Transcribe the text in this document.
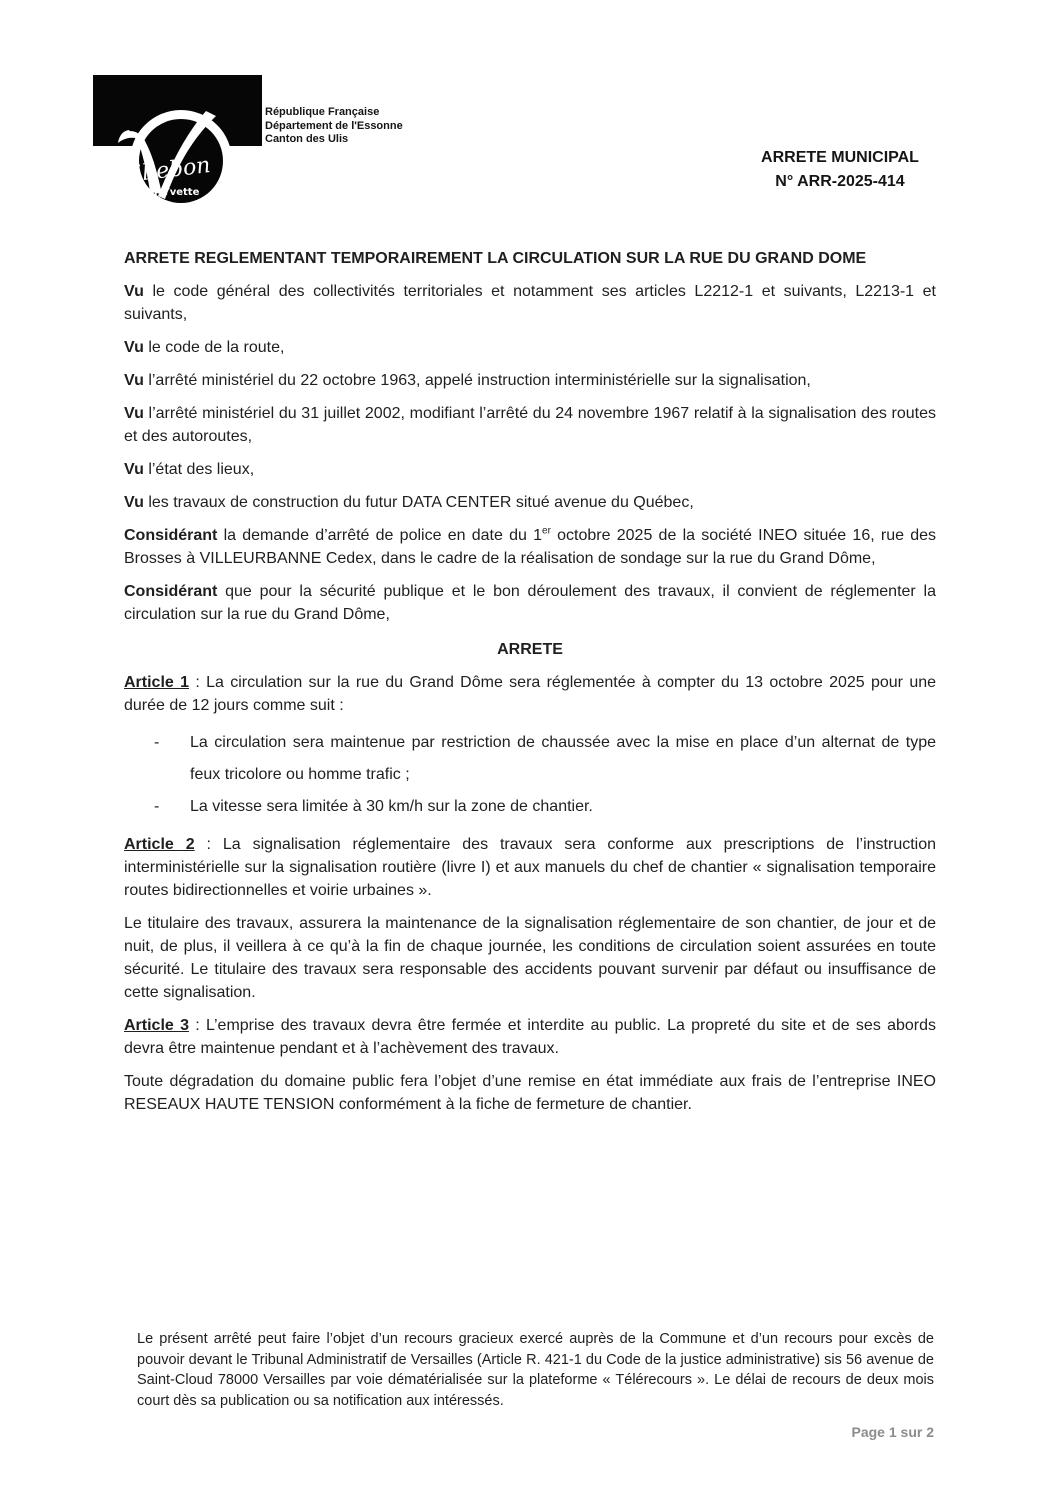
illebon
sur Yvette
République Française
Département de l'Essonne
Canton des Ulis
ARRETE MUNICIPAL
N° ARR-2025-414

ARRETE REGLEMENTANT TEMPORAIREMENT LA CIRCULATION SUR LA RUE DU GRAND DOME

Vu le code général des collectivités territoriales et notamment ses articles L2212-1 et suivants, L2213-1 et suivants,

Vu le code de la route,

Vu l’arrêté ministériel du 22 octobre 1963, appelé instruction interministérielle sur la signalisation,

Vu l’arrêté ministériel du 31 juillet 2002, modifiant l’arrêté du 24 novembre 1967 relatif à la signalisation des routes et des autoroutes,

Vu l’état des lieux,

Vu les travaux de construction du futur DATA CENTER situé avenue du Québec,

Considérant la demande d’arrêté de police en date du 1er octobre 2025 de la société INEO située 16, rue des Brosses à VILLEURBANNE Cedex, dans le cadre de la réalisation de sondage sur la rue du Grand Dôme,

Considérant que pour la sécurité publique et le bon déroulement des travaux, il convient de réglementer la circulation sur la rue du Grand Dôme,

ARRETE

Article 1 : La circulation sur la rue du Grand Dôme sera réglementée à compter du 13 octobre 2025 pour une durée de 12 jours comme suit :

-	La circulation sera maintenue par restriction de chaussée avec la mise en place d’un alternat de type feux tricolore ou homme trafic ;
-	La vitesse sera limitée à 30 km/h sur la zone de chantier.

Article 2 : La signalisation réglementaire des travaux sera conforme aux prescriptions de l’instruction interministérielle sur la signalisation routière (livre I) et aux manuels du chef de chantier « signalisation temporaire routes bidirectionnelles et voirie urbaines ».

Le titulaire des travaux, assurera la maintenance de la signalisation réglementaire de son chantier, de jour et de nuit, de plus, il veillera à ce qu’à la fin de chaque journée, les conditions de circulation soient assurées en toute sécurité. Le titulaire des travaux sera responsable des accidents pouvant survenir par défaut ou insuffisance de cette signalisation.

Article 3 : L’emprise des travaux devra être fermée et interdite au public. La propreté du site et de ses abords devra être maintenue pendant et à l’achèvement des travaux.

Toute dégradation du domaine public fera l’objet d’une remise en état immédiate aux frais de l’entreprise INEO RESEAUX HAUTE TENSION conformément à la fiche de fermeture de chantier.

Le présent arrêté peut faire l’objet d’un recours gracieux exercé auprès de la Commune et d’un recours pour excès de pouvoir devant le Tribunal Administratif de Versailles (Article R. 421-1 du Code de la justice administrative) sis 56 avenue de Saint-Cloud 78000 Versailles par voie dématérialisée sur la plateforme « Télérecours ». Le délai de recours de deux mois court dès sa publication ou sa notification aux intéressés.
Page 1 sur 2
